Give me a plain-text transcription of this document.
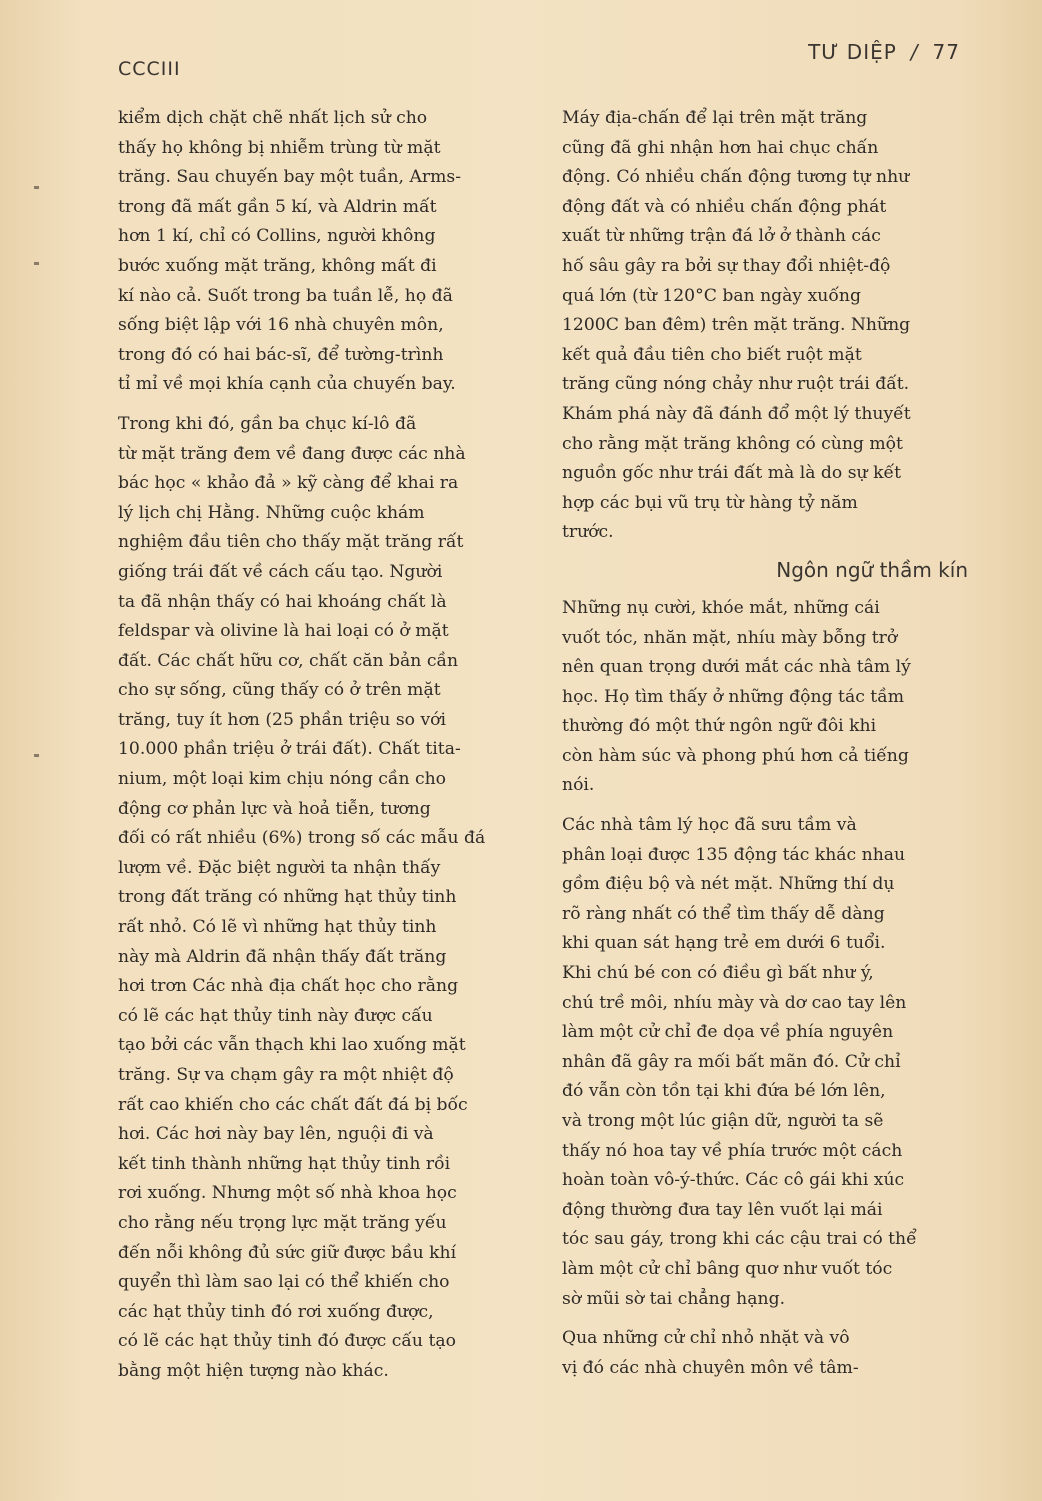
CCCIII
TƯ DIỆP / 77

kiểm dịch chặt chẽ nhất lịch sử cho
thấy họ không bị nhiễm trùng từ mặt
trăng. Sau chuyến bay một tuần, Arms-
trong đã mất gần 5 kí, và Aldrin mất
hơn 1 kí, chỉ có Collins, người không
bước xuống mặt trăng, không mất đi
kí nào cả. Suốt trong ba tuần lễ, họ đã
sống biệt lập với 16 nhà chuyên môn,
trong đó có hai bác-sĩ, để tường-trình
tỉ mỉ về mọi khía cạnh của chuyến bay.

Trong khi đó, gần ba chục kí-lô đã
từ mặt trăng đem về đang được các nhà
bác học « khảo đả » kỹ càng để khai ra
lý lịch chị Hằng. Những cuộc khám
nghiệm đầu tiên cho thấy mặt trăng rất
giống trái đất về cách cấu tạo. Người
ta đã nhận thấy có hai khoáng chất là
feldspar và olivine là hai loại có ở mặt
đất. Các chất hữu cơ, chất căn bản cần
cho sự sống, cũng thấy có ở trên mặt
trăng, tuy ít hơn (25 phần triệu so với
10.000 phần triệu ở trái đất). Chất tita-
nium, một loại kim chịu nóng cần cho
động cơ phản lực và hoả tiễn, tương
đối có rất nhiều (6%) trong số các mẫu đá
lượm về. Đặc biệt người ta nhận thấy
trong đất trăng có những hạt thủy tinh
rất nhỏ. Có lẽ vì những hạt thủy tinh
này mà Aldrin đã nhận thấy đất trăng
hơi trơn Các nhà địa chất học cho rằng
có lẽ các hạt thủy tinh này được cấu
tạo bởi các vẫn thạch khi lao xuống mặt
trăng. Sự va chạm gây ra một nhiệt độ
rất cao khiến cho các chất đất đá bị bốc
hơi. Các hơi này bay lên, nguội đi và
kết tinh thành những hạt thủy tinh rồi
rơi xuống. Nhưng một số nhà khoa học
cho rằng nếu trọng lực mặt trăng yếu
đến nỗi không đủ sức giữ được bầu khí
quyển thì làm sao lại có thể khiến cho
các hạt thủy tinh đó rơi xuống được,
có lẽ các hạt thủy tinh đó được cấu tạo
bằng một hiện tượng nào khác.

Máy địa-chấn để lại trên mặt trăng
cũng đã ghi nhận hơn hai chục chấn
động. Có nhiều chấn động tương tự như
động đất và có nhiều chấn động phát
xuất từ những trận đá lở ở thành các
hố sâu gây ra bởi sự thay đổi nhiệt-độ
quá lớn (từ 120°C ban ngày xuống
1200C ban đêm) trên mặt trăng. Những
kết quả đầu tiên cho biết ruột mặt
trăng cũng nóng chảy như ruột trái đất.
Khám phá này đã đánh đổ một lý thuyết
cho rằng mặt trăng không có cùng một
nguồn gốc như trái đất mà là do sự kết
hợp các bụi vũ trụ từ hàng tỷ năm
trước.

Ngôn ngữ thầm kín

Những nụ cười, khóe mắt, những cái
vuốt tóc, nhăn mặt, nhíu mày bỗng trở
nên quan trọng dưới mắt các nhà tâm lý
học. Họ tìm thấy ở những động tác tầm
thường đó một thứ ngôn ngữ đôi khi
còn hàm súc và phong phú hơn cả tiếng
nói.

Các nhà tâm lý học đã sưu tầm và
phân loại được 135 động tác khác nhau
gồm điệu bộ và nét mặt. Những thí dụ
rõ ràng nhất có thể tìm thấy dễ dàng
khi quan sát hạng trẻ em dưới 6 tuổi.
Khi chú bé con có điều gì bất như ý,
chú trề môi, nhíu mày và dơ cao tay lên
làm một cử chỉ đe dọa về phía nguyên
nhân đã gây ra mối bất mãn đó. Cử chỉ
đó vẫn còn tồn tại khi đứa bé lớn lên,
và trong một lúc giận dữ, người ta sẽ
thấy nó hoa tay về phía trước một cách
hoàn toàn vô-ý-thức. Các cô gái khi xúc
động thường đưa tay lên vuốt lại mái
tóc sau gáy, trong khi các cậu trai có thể
làm một cử chỉ bâng quơ như vuốt tóc
sờ mũi sờ tai chẳng hạng.

Qua những cử chỉ nhỏ nhặt và vô
vị đó các nhà chuyên môn về tâm-
